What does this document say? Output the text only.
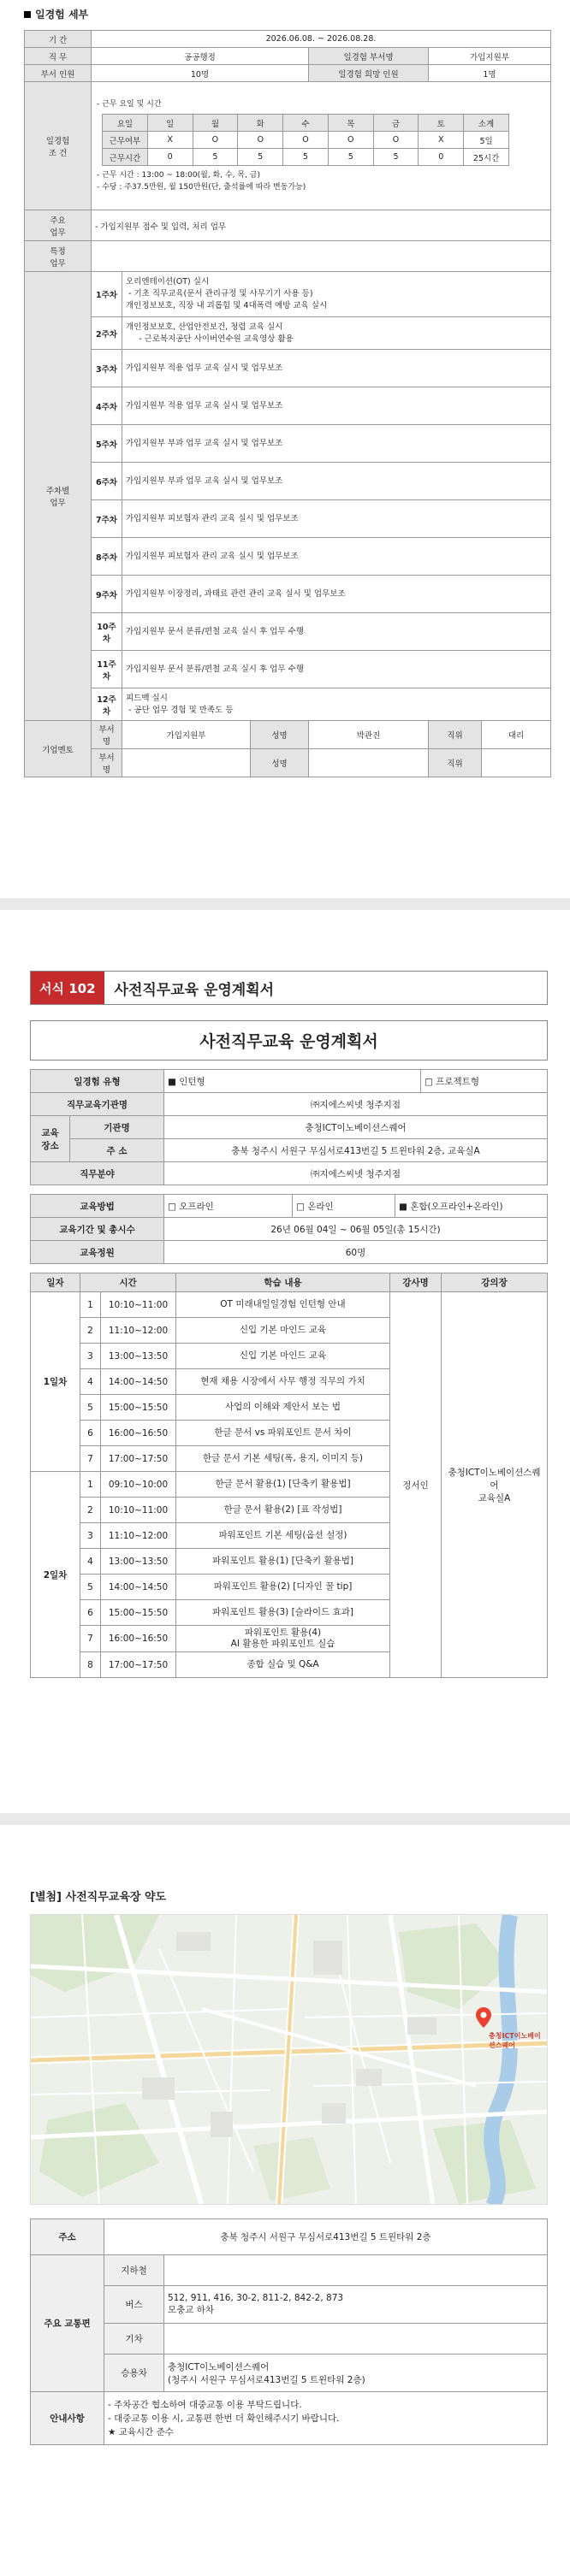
일경험 세부
기 간	2026.06.08. ~ 2026.08.28.
직 무	공공행정	일경험 부서명	가입지원부
부서 인원	10명	일경험 희망 인원	1명
일경험
조 건	
- 근무 요일 및 시간
요일	일	월	화	수	목	금	토	소계
근무여부	X	O	O	O	O	O	X	5일
근무시간	0	5	5	5	5	5	0	25시간
- 근무 시간 : 13:00 ~ 18:00(월, 화, 수, 목, 금)
- 수당 : 주37.5만원, 월 150만원(단, 출석률에 따라 변동가능)

주요
업무	- 가입지원부 접수 및 입력, 처리 업무
특정
업무	
주차별
업무	1주차	
오리엔테이션(OT) 실시
- 기초 직무교육(문서 관리규정 및 사무기기 사용 등)
개인정보보호, 직장 내 괴롭힘 및 4대폭력 예방 교육 실시

2주차	
개인정보보호, 산업안전보건, 청렴 교육 실시
- 근로복지공단 사이버연수원 교육영상 활용

3주차	가입지원부 적용 업무 교육 실시 및 업무보조

4주차	가입지원부 적용 업무 교육 실시 및 업무보조

5주차	가입지원부 부과 업무 교육 실시 및 업무보조

6주차	가입지원부 부과 업무 교육 실시 및 업무보조

7주차	가입지원부 피보험자 관리 교육 실시 및 업무보조

8주차	가입지원부 피보험자 관리 교육 실시 및 업무보조

9주차	가입지원부 이장정리, 과태료 관련 관리 교육 실시 및 업무보조

10주차	
가입지원부 문서 분류/편철 교육 실시 후 업무 수행

11주차	
가입지원부 문서 분류/편철 교육 실시 후 업무 수행

12주차	
피드백 실시
- 공단 업무 경험 및 만족도 등

기업멘토	부서명	가입지원부	성명	박관진	직위	대리
부서명		성명		직위	
서식 102	사전직무교육 운영계획서
사전직무교육 운영계획서
일경험 유형		■ 인턴형	□ 프로젝트형
직무교육기관명		㈜지에스씨넷 청주지점	
교육
장소	기관명	충청ICT이노베이션스퀘어	
	주 소	충북 청주시 서원구 무심서로413번길 5 트윈타워 2층, 교육실A	
직무분야		㈜지에스씨넷 청주지점	
교육방법	□ 오프라인	□ 온라인	■ 혼합(오프라인+온라인)
교육기간 및 총시수	26년 06월 04일 ~ 06월 05일(총 15시간)		
교육정원	60명		
일자	시간		학습 내용	강사명	강의장
1일차	1	10:10~11:00	OT 미래내일일경험 인턴형 안내	정서인	충청ICT이노베이션스퀘어
교육실A
	2	11:10~12:00	신입 기본 마인드 교육		
	3	13:00~13:50	신입 기본 마인드 교육		
	4	14:00~14:50	현재 채용 시장에서 사무 행정 직무의 가치		
	5	15:00~15:50	사업의 이해와 제안서 보는 법		
	6	16:00~16:50	한글 문서 vs 파워포인트 문서 차이		
	7	17:00~17:50	한글 문서 기본 세팅(폭, 용지, 이미지 등)		
2일차	1	09:10~10:00	한글 문서 활용(1) [단축키 활용법]		
	2	10:10~11:00	한글 문서 활용(2) [표 작성법]		
	3	11:10~12:00	파워포인트 기본 세팅(옵션 설정)		
	4	13:00~13:50	파워포인트 활용(1) [단축키 활용법]		
	5	14:00~14:50	파워포인트 활용(2) [디자인 꿀 tip]		
	6	15:00~15:50	파워포인트 활용(3) [슬라이드 효과]		
	7	16:00~16:50	파워포인트 활용(4)
AI 활용한 파워포인트 실습		
	8	17:00~17:50	종합 실습 및 Q&A		
[별첨] 사전직무교육장 약도
충청ICT이노베이션스퀘어
주소	충북 청주시 서원구 무심서로413번길 5 트윈타워 2층	
주요 교통편	지하철	
	버스	512, 911, 416, 30-2, 811-2, 842-2, 873
모충교 하차
	기차	
	승용차	충청ICT이노베이션스퀘어
(청주시 서원구 무심서로413번길 5 트윈타워 2층)
안내사항	- 주차공간 협소하여 대중교통 이용 부탁드립니다.
- 대중교통 이용 시, 교통편 한번 더 확인해주시기 바랍니다.
★ 교육시간 준수	
